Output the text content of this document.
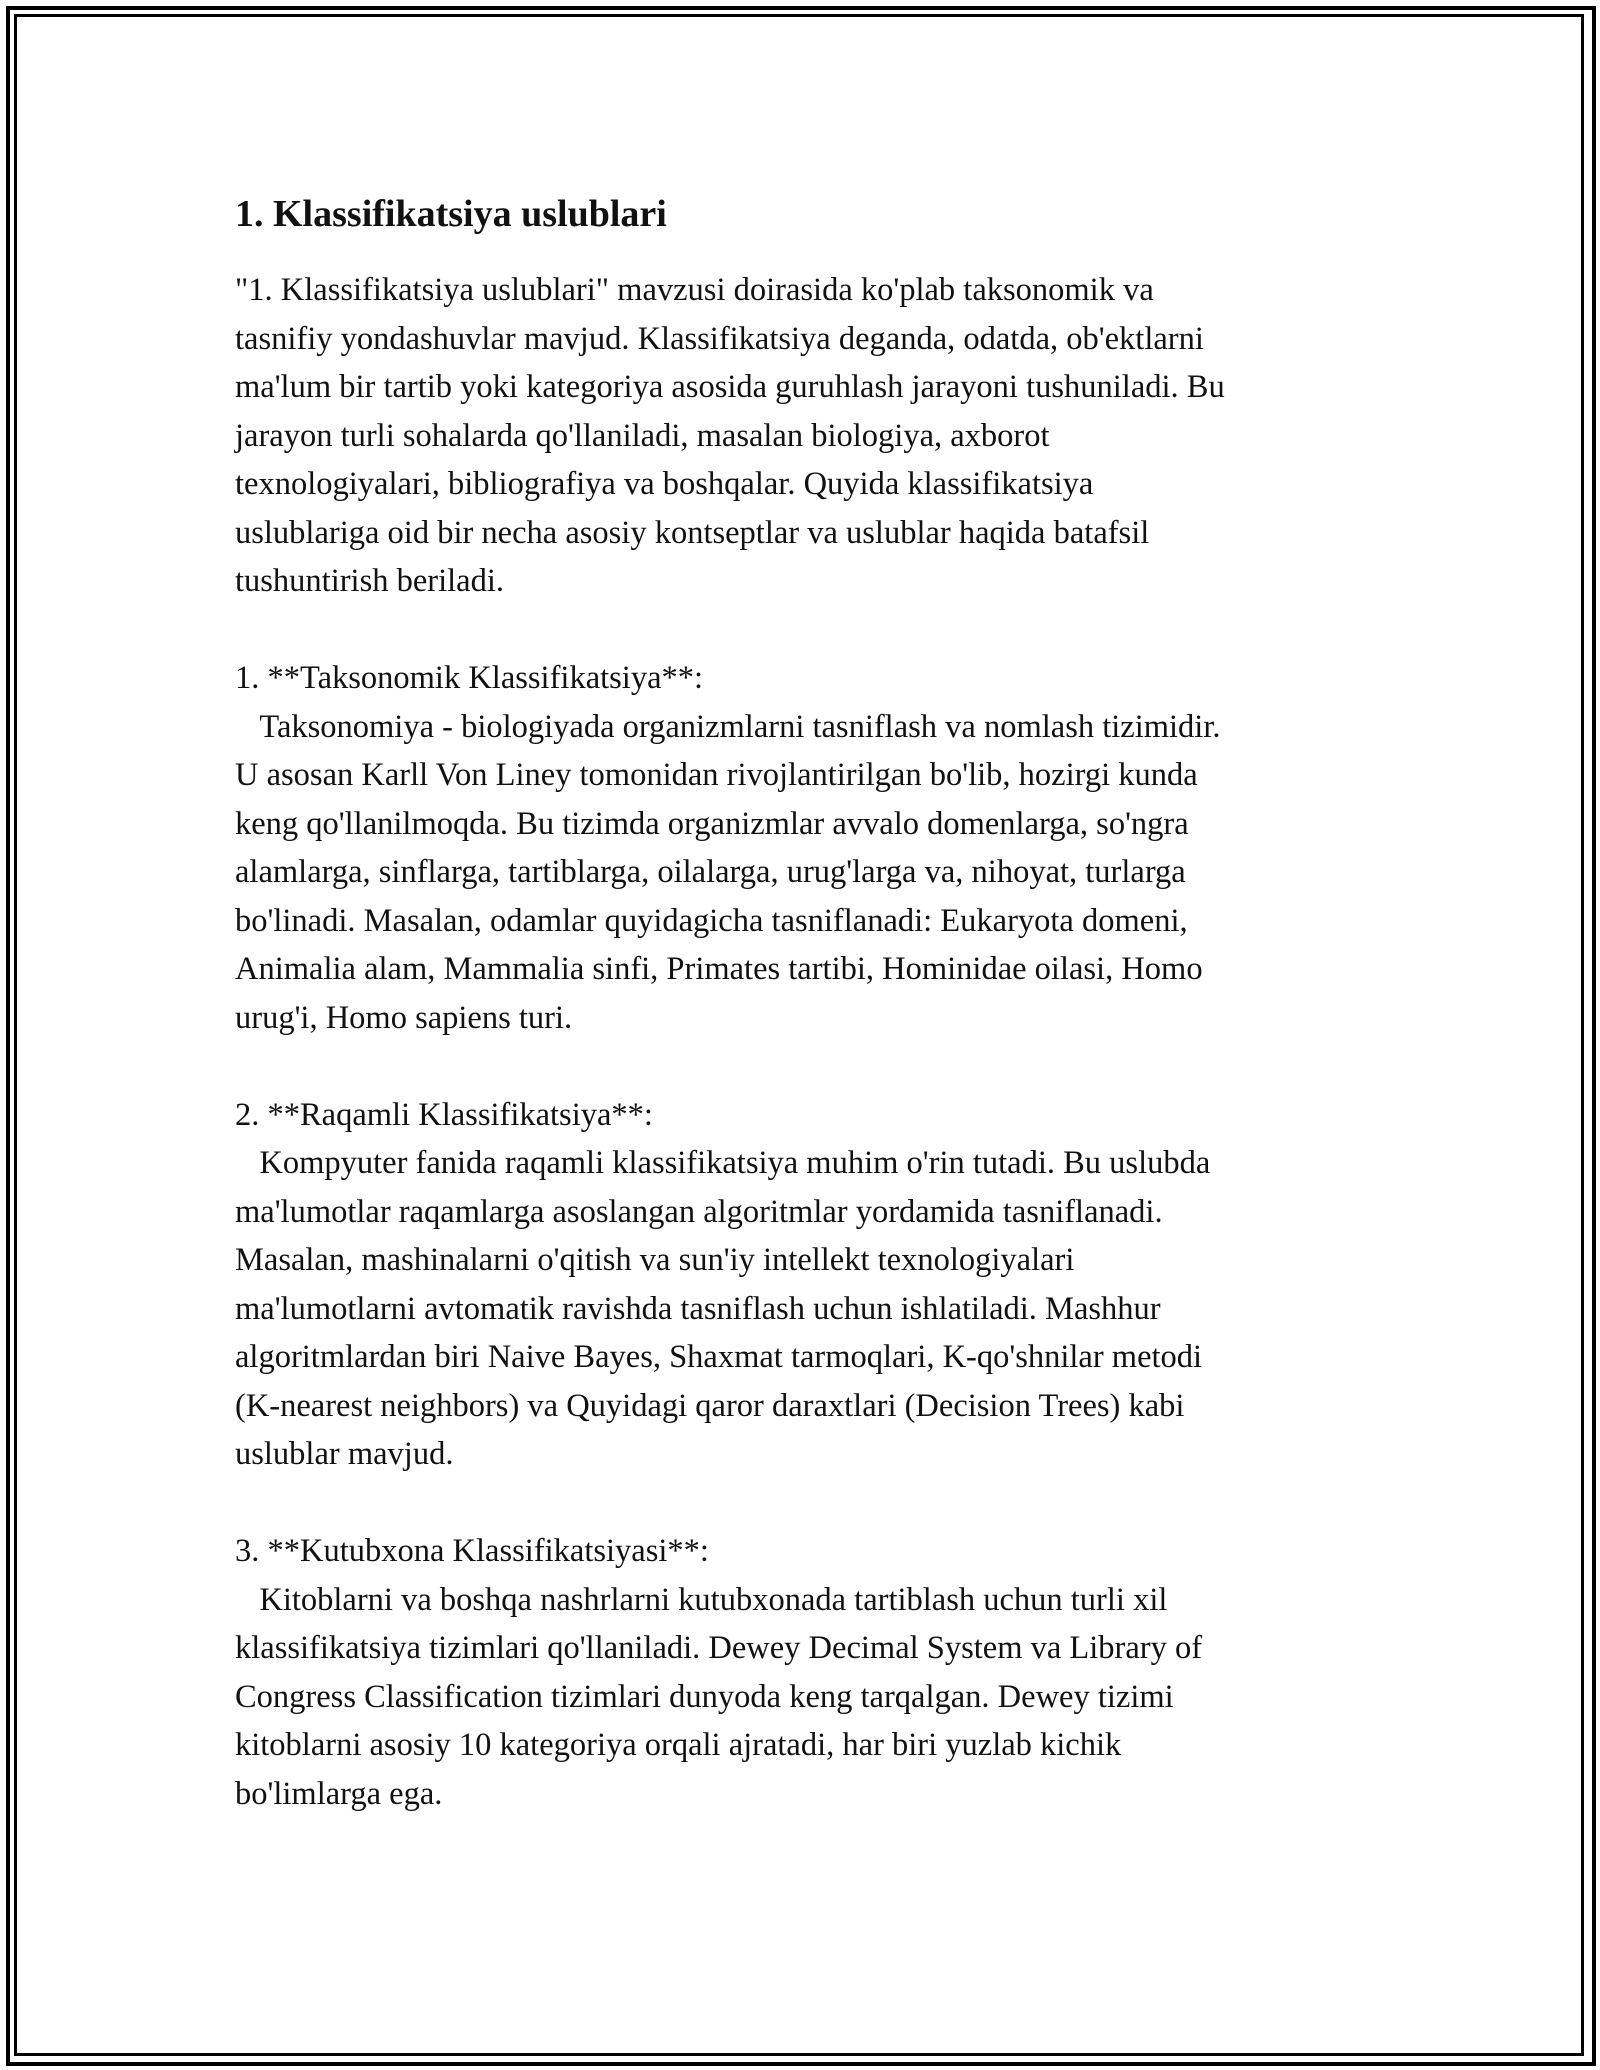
1. Klassifikatsiya uslublari

"1. Klassifikatsiya uslublari" mavzusi doirasida ko'plab taksonomik va
tasnifiy yondashuvlar mavjud. Klassifikatsiya deganda, odatda, ob'ektlarni
ma'lum bir tartib yoki kategoriya asosida guruhlash jarayoni tushuniladi. Bu
jarayon turli sohalarda qo'llaniladi, masalan biologiya, axborot
texnologiyalari, bibliografiya va boshqalar. Quyida klassifikatsiya
uslublariga oid bir necha asosiy kontseptlar va uslublar haqida batafsil
tushuntirish beriladi.

1. **Taksonomik Klassifikatsiya**:

Taksonomiya - biologiyada organizmlarni tasniflash va nomlash tizimidir.
U asosan Karll Von Liney tomonidan rivojlantirilgan bo'lib, hozirgi kunda
keng qo'llanilmoqda. Bu tizimda organizmlar avvalo domenlarga, so'ngra
alamlarga, sinflarga, tartiblarga, oilalarga, urug'larga va, nihoyat, turlarga
bo'linadi. Masalan, odamlar quyidagicha tasniflanadi: Eukaryota domeni,
Animalia alam, Mammalia sinfi, Primates tartibi, Hominidae oilasi, Homo
urug'i, Homo sapiens turi.

2. **Raqamli Klassifikatsiya**:

Kompyuter fanida raqamli klassifikatsiya muhim o'rin tutadi. Bu uslubda
ma'lumotlar raqamlarga asoslangan algoritmlar yordamida tasniflanadi.
Masalan, mashinalarni o'qitish va sun'iy intellekt texnologiyalari
ma'lumotlarni avtomatik ravishda tasniflash uchun ishlatiladi. Mashhur
algoritmlardan biri Naive Bayes, Shaxmat tarmoqlari, K-qo'shnilar metodi
(K-nearest neighbors) va Quyidagi qaror daraxtlari (Decision Trees) kabi
uslublar mavjud.

3. **Kutubxona Klassifikatsiyasi**:

Kitoblarni va boshqa nashrlarni kutubxonada tartiblash uchun turli xil
klassifikatsiya tizimlari qo'llaniladi. Dewey Decimal System va Library of
Congress Classification tizimlari dunyoda keng tarqalgan. Dewey tizimi
kitoblarni asosiy 10 kategoriya orqali ajratadi, har biri yuzlab kichik
bo'limlarga ega.
